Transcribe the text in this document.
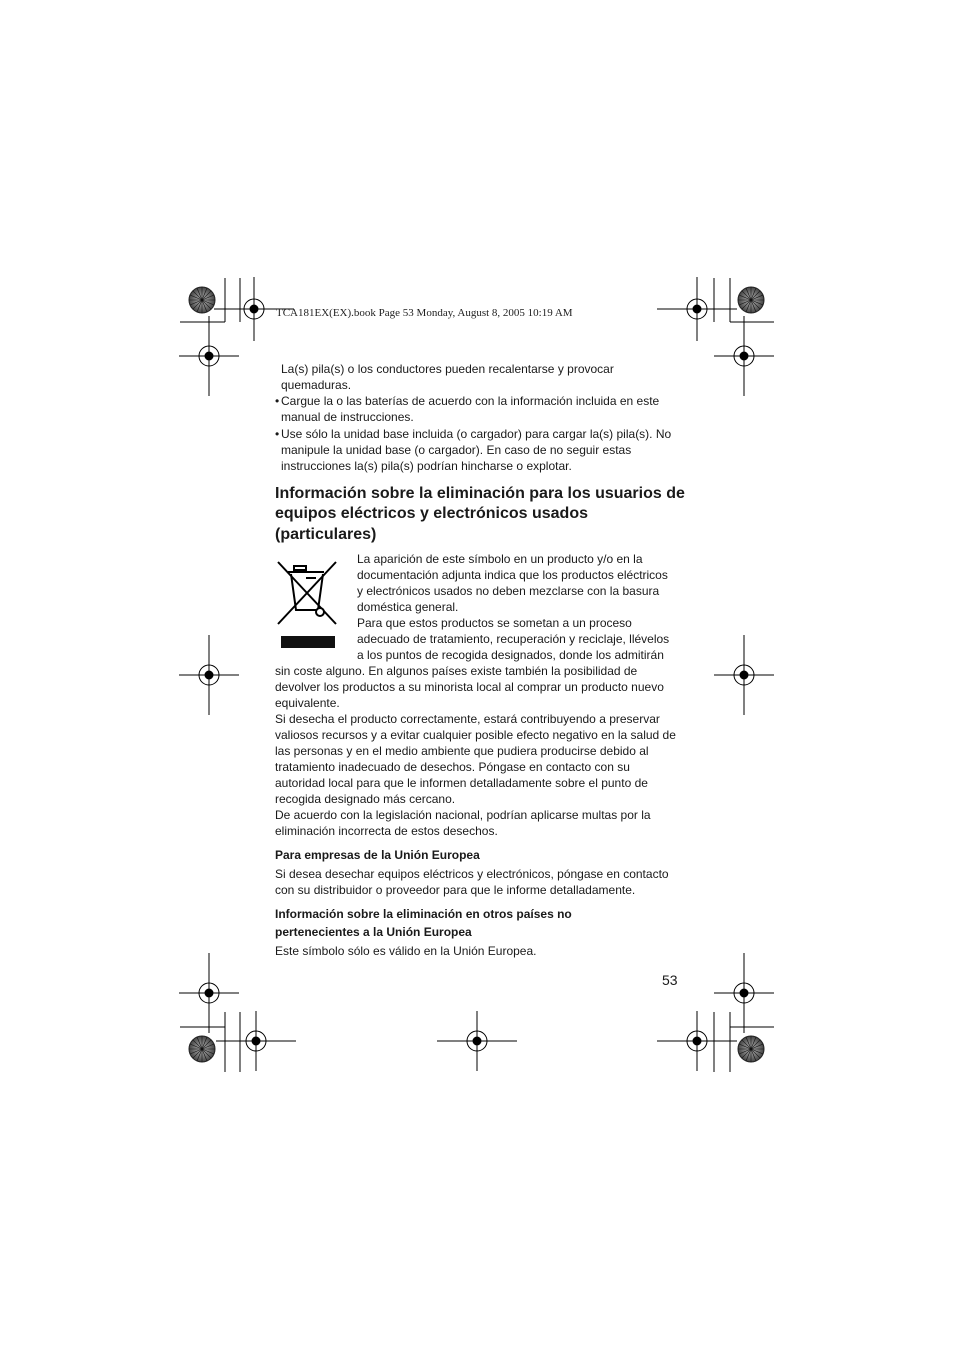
TCA181EX(EX).book Page 53 Monday, August 8, 2005 10:19 AM
La(s) pila(s) o los conductores pueden recalentarse y provocar
quemaduras.
• Cargue la o las baterías de acuerdo con la información incluida en este
manual de instrucciones.
• Use sólo la unidad base incluida (o cargador) para cargar la(s) pila(s). No
manipule la unidad base (o cargador). En caso de no seguir estas
instrucciones la(s) pila(s) podrían hincharse o explotar.
Información sobre la eliminación para los usuarios de
equipos eléctricos y electrónicos usados
(particulares)
La aparición de este símbolo en un producto y/o en la
documentación adjunta indica que los productos eléctricos
y electrónicos usados no deben mezclarse con la basura
doméstica general.
Para que estos productos se sometan a un proceso
adecuado de tratamiento, recuperación y reciclaje, llévelos
a los puntos de recogida designados, donde los admitirán
sin coste alguno. En algunos países existe también la posibilidad de
devolver los productos a su minorista local al comprar un producto nuevo
equivalente.
Si desecha el producto correctamente, estará contribuyendo a preservar
valiosos recursos y a evitar cualquier posible efecto negativo en la salud de
las personas y en el medio ambiente que pudiera producirse debido al
tratamiento inadecuado de desechos. Póngase en contacto con su
autoridad local para que le informen detalladamente sobre el punto de
recogida designado más cercano.
De acuerdo con la legislación nacional, podrían aplicarse multas por la
eliminación incorrecta de estos desechos.
Para empresas de la Unión Europea
Si desea desechar equipos eléctricos y electrónicos, póngase en contacto
con su distribuidor o proveedor para que le informe detalladamente.
Información sobre la eliminación en otros países no
pertenecientes a la Unión Europea
Este símbolo sólo es válido en la Unión Europea.
53
